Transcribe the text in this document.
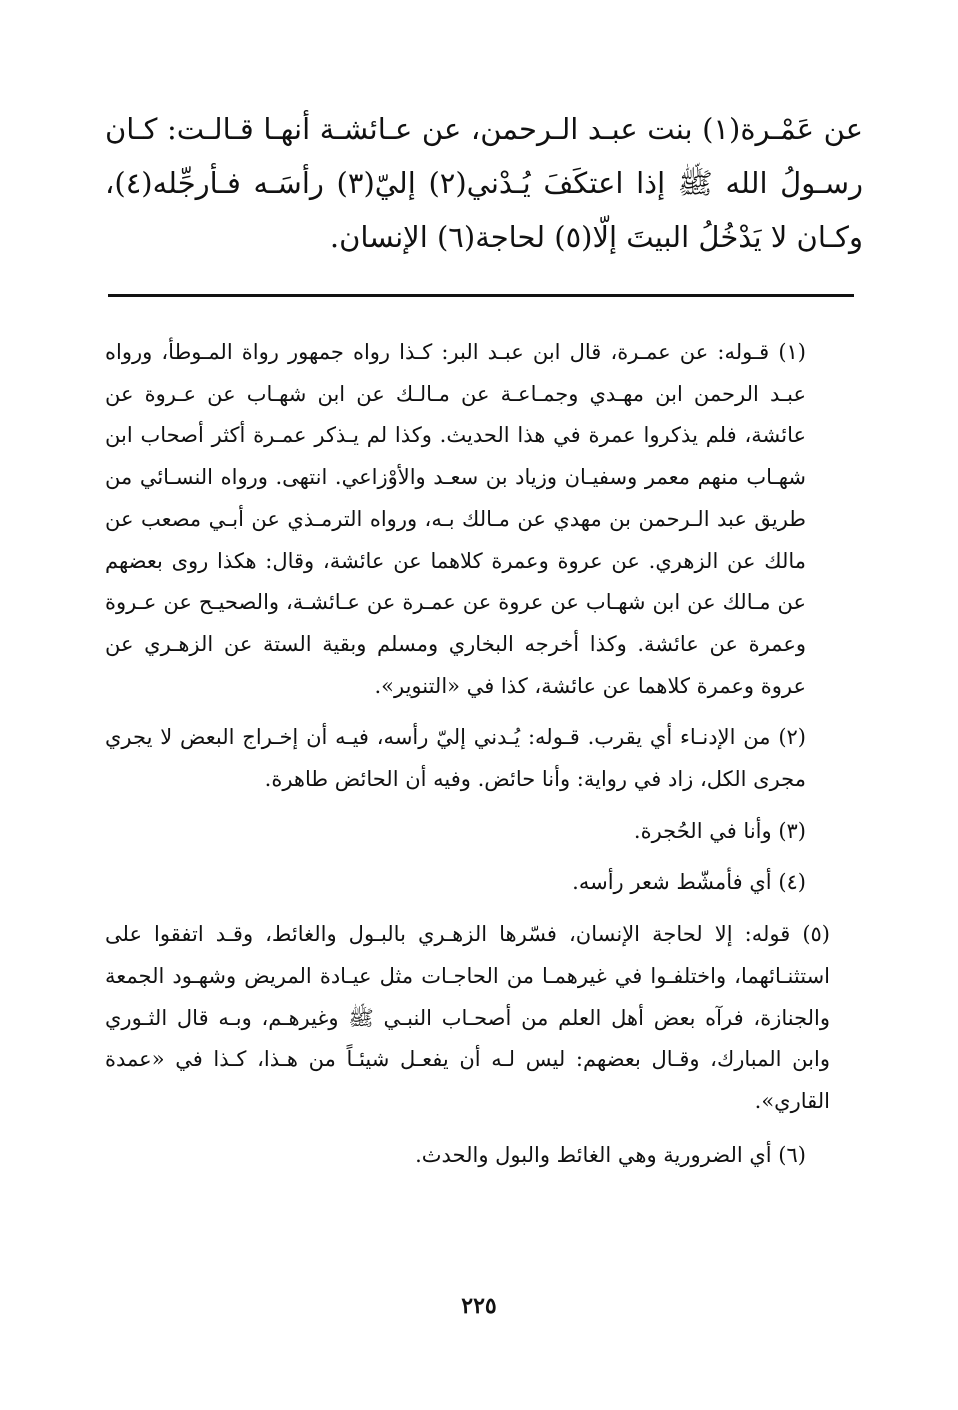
عن عَمْـرة(١) بنت عبـد الـرحمن، عن عـائشـة أنهـا قـالـت: كـان رسـولُ الله ﷺ إذا اعتكَفَ يُـدْني(٢) إليّ(٣) رأسَـه فـأرجِّله(٤)، وكـان لا يَدْخُلُ البيتَ إلّا(٥) لحاجة(٦) الإنسان.

(١) قـوله: عن عمـرة، قال ابن عبـد البر: كـذا رواه جمهور رواة المـوطأ، ورواه عبـد الرحمن ابن مهـدي وجمـاعـة عن مـالـك عن ابن شهـاب عن عـروة عن عائشة، فلم يذكروا عمرة في هذا الحديث. وكذا لم يـذكر عمـرة أكثر أصحاب ابن شهـاب منهم معمر وسفيـان وزياد بن سعـد والأوْزاعي. انتهى. ورواه النسـائي من طريق عبد الـرحمن بن مهدي عن مـالك بـه، ورواه الترمـذي عن أبـي مصعب عن مالك عن الزهري. عن عروة وعمرة كلاهما عن عائشة، وقال: هكذا روى بعضهم عن مـالك عن ابن شهـاب عن عروة عن عمـرة عن عـائشـة، والصحيـح عن عـروة وعمرة عن عائشة. وكذا أخرجه البخاري ومسلم وبقية الستة عن الزهـري عن عروة وعمرة كلاهما عن عائشة، كذا في «التنوير».

(٢) من الإدنـاء أي يقرب. قـوله: يُـدني إليّ رأسه، فيـه أن إخـراج البعض لا يجري مجرى الكل، زاد في رواية: وأنا حائض. وفيه أن الحائض طاهرة.

(٣) وأنا في الحُجرة.

(٤) أي فأمشّط شعر رأسه.

(٥) قوله: إلا لحاجة الإنسان، فسّرها الزهـري بالبـول والغائط، وقـد اتفقوا على استثنـائهما، واختلفـوا في غيرهمـا من الحاجـات مثل عيـادة المريض وشهـود الجمعة والجنازة، فرآه بعض أهل العلم من أصحـاب النبـي ﷺ وغيرهـم، وبـه قال الثـوري وابن المبارك، وقـال بعضهم: ليس لـه أن يفعـل شيئـاً من هـذا، كـذا في «عمدة القاري».

(٦) أي الضرورية وهي الغائط والبول والحدث.

٢٢٥
